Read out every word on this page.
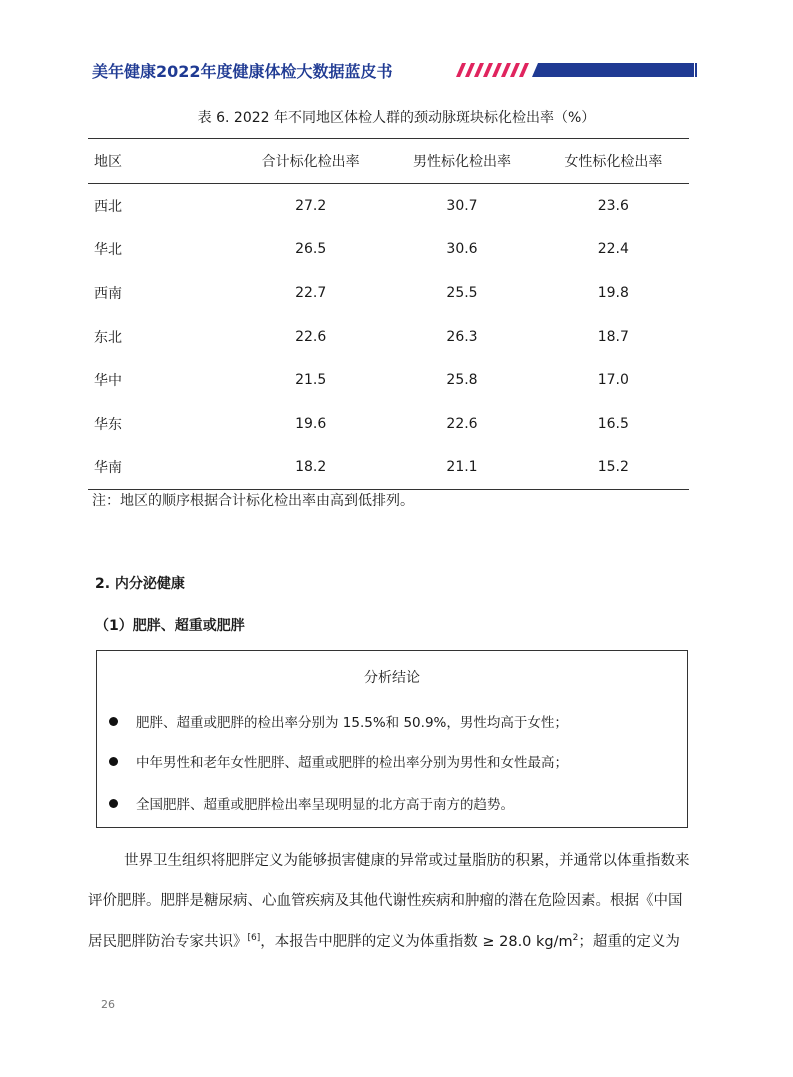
美年健康2022年度健康体检大数据蓝皮书
表 6. 2022 年不同地区体检人群的颈动脉斑块标化检出率（%）
地区	合计标化检出率	男性标化检出率	女性标化检出率
西北	27.2	30.7	23.6
华北	26.5	30.6	22.4
西南	22.7	25.5	19.8
东北	22.6	26.3	18.7
华中	21.5	25.8	17.0
华东	19.6	22.6	16.5
华南	18.2	21.1	15.2
注：地区的顺序根据合计标化检出率由高到低排列。
2. 内分泌健康
（1）肥胖、超重或肥胖
分析结论
肥胖、超重或肥胖的检出率分别为 15.5%和 50.9%，男性均高于女性；
中年男性和老年女性肥胖、超重或肥胖的检出率分别为男性和女性最高；
全国肥胖、超重或肥胖检出率呈现明显的北方高于南方的趋势。
世界卫生组织将肥胖定义为能够损害健康的异常或过量脂肪的积累，并通常以体重指数来
评价肥胖。肥胖是糖尿病、心血管疾病及其他代谢性疾病和肿瘤的潜在危险因素。根据《中国
居民肥胖防治专家共识》[6]，本报告中肥胖的定义为体重指数 ≥ 28.0 $kg/m^2$；超重的定义为
26
